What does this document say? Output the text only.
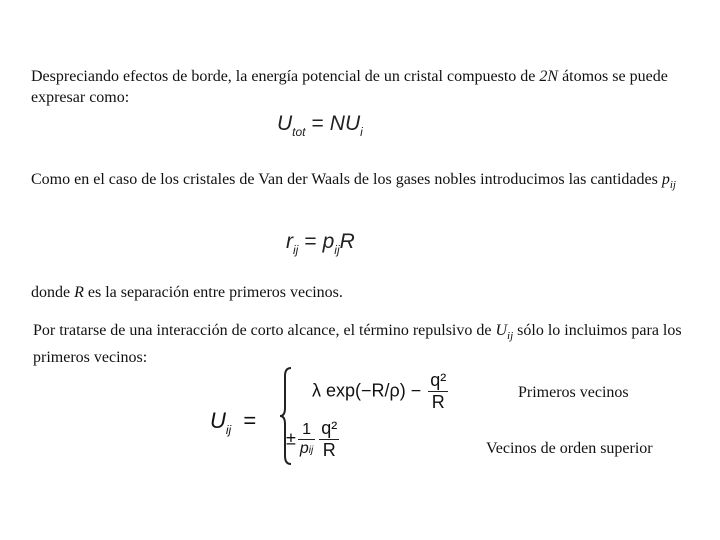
Despreciando efectos de borde, la energía potencial de un cristal compuesto de 2N átomos se puede expresar como:
$U_{tot} = NU_i$
Como en el caso de los cristales de Van der Waals de los gases nobles introducimos las cantidades $p_{ij}$
$r_{ij} = p_{ij}R$
donde R es la separación entre primeros vecinos.
Por tratarse de una interacción de corto alcance, el término repulsivo de $U_{ij}$ sólo lo incluimos para los primeros vecinos:
$U_{ij}$ =
λ $\exp(-R/\rho) - \frac{\text{q²}}{R}$
± $\frac{1}{\text{pij}} \frac{\text{q²}}{R}$
Primeros vecinos
Vecinos de orden superior
